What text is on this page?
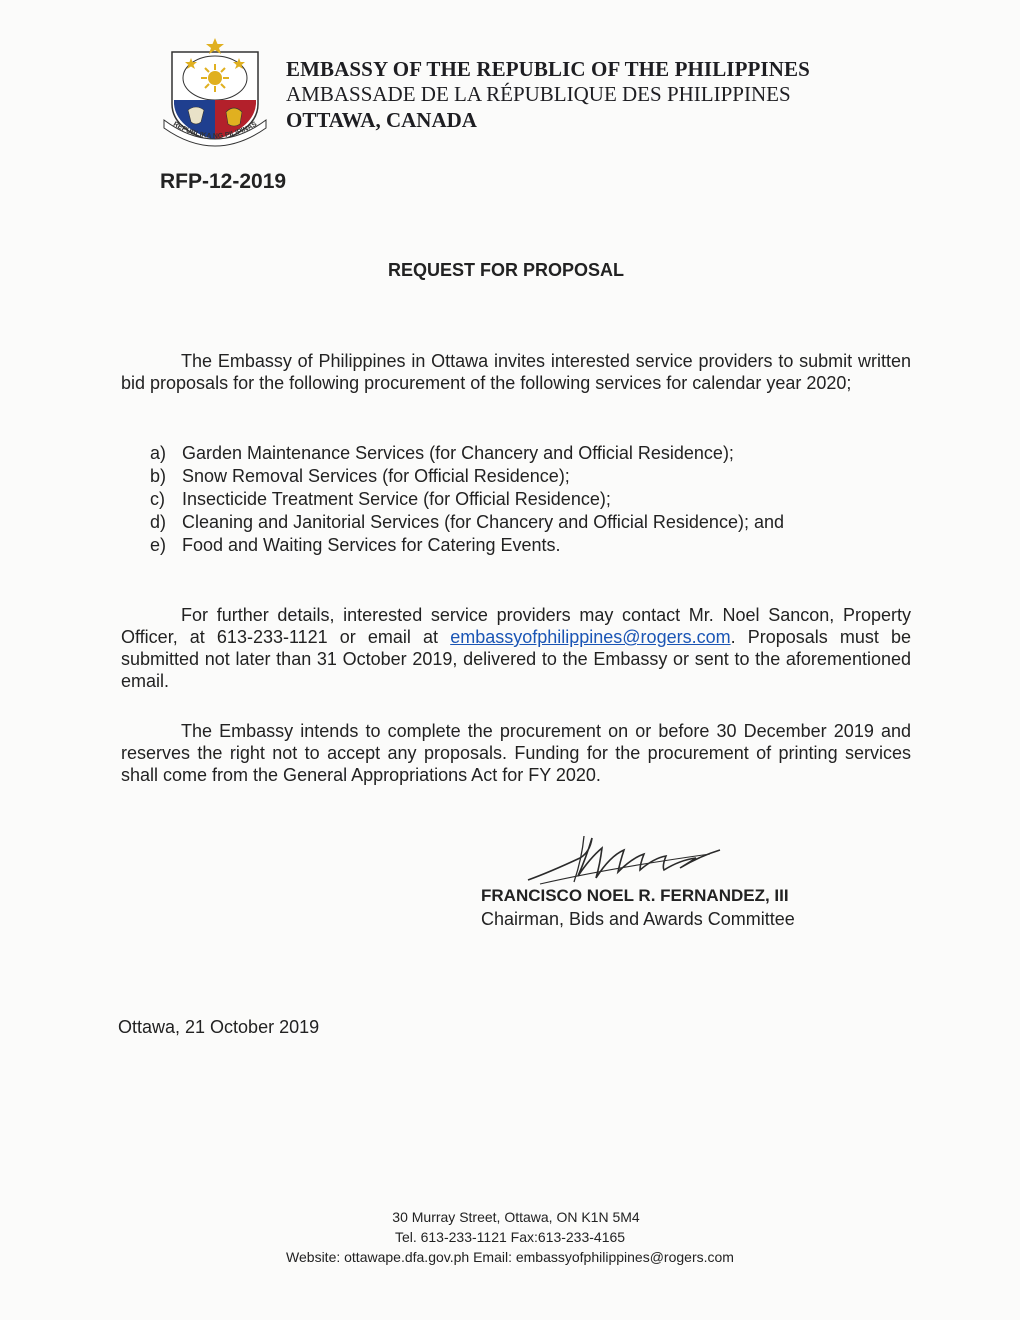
REPUBLIKA NG PILIPINAS
EMBASSY OF THE REPUBLIC OF THE PHILIPPINES
AMBASSADE DE LA RÉPUBLIQUE DES PHILIPPINES
OTTAWA, CANADA
RFP-12-2019
REQUEST FOR PROPOSAL
The Embassy of Philippines in Ottawa invites interested service providers to submit written bid proposals for the following procurement of the following services for calendar year 2020;
a) Garden Maintenance Services (for Chancery and Official Residence);
b) Snow Removal Services (for Official Residence);
c) Insecticide Treatment Service (for Official Residence);
d) Cleaning and Janitorial Services (for Chancery and Official Residence); and
e) Food and Waiting Services for Catering Events.
For further details, interested service providers may contact Mr. Noel Sancon, Property Officer, at 613-233-1121 or email at embassyofphilippines@rogers.com. Proposals must be submitted not later than 31 October 2019, delivered to the Embassy or sent to the aforementioned email.
The Embassy intends to complete the procurement on or before 30 December 2019 and reserves the right not to accept any proposals. Funding for the procurement of printing services shall come from the General Appropriations Act for FY 2020.
FRANCISCO NOEL R. FERNANDEZ, III
Chairman, Bids and Awards Committee
Ottawa, 21 October 2019
30 Murray Street, Ottawa, ON K1N 5M4
Tel. 613-233-1121 Fax:613-233-4165
Website: ottawape.dfa.gov.ph Email: embassyofphilippines@rogers.com
